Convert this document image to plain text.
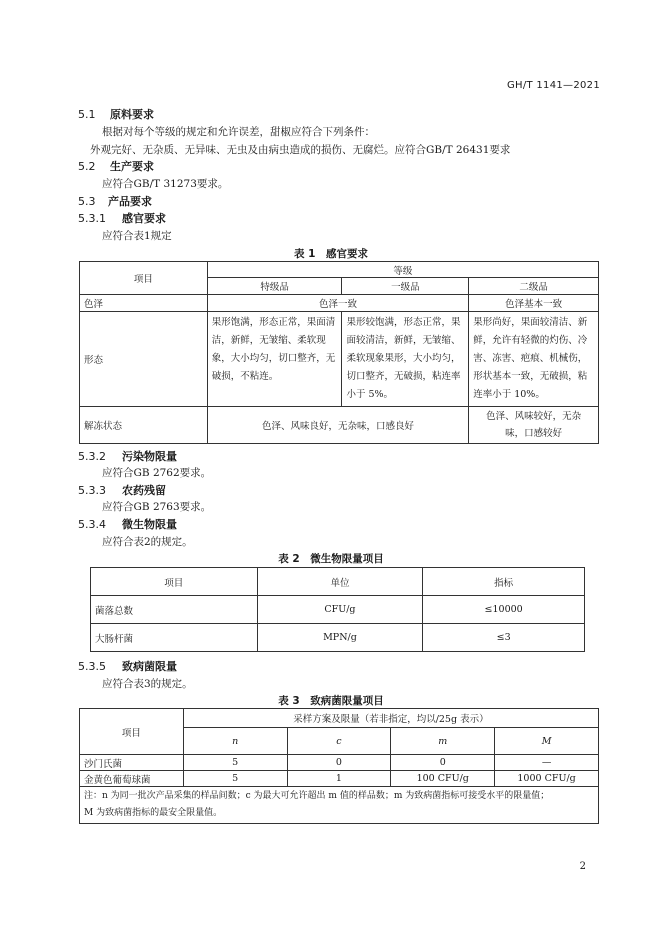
GH/T 1141—2021
5.1 原料要求
根据对每个等级的规定和允许误差，甜椒应符合下列条件：
外观完好、无杂质、无异味、无虫及由病虫造成的损伤、无腐烂。应符合GB/T 26431要求
5.2 生产要求
应符合GB/T 31273要求。
5.3 产品要求
5.3.1 感官要求
应符合表1规定
表 1　感官要求
项目	等级		
	特级品	一级品	二级品
色泽	色泽一致		色泽基本一致
形态	果形饱满，形态正常，果面清洁，新鲜，无皱缩、柔软现象，大小均匀，切口整齐，无破损，不粘连。	果形较饱满，形态正常，果面较清洁，新鲜，无皱缩、柔软现象果形，大小均匀，切口整齐，无破损，粘连率小于 5%。	果形尚好，果面较清洁、新鲜，允许有轻微的灼伤、冷害、冻害、疤痕、机械伤，形状基本一致，无破损，粘连率小于 10%。
解冻状态	色泽、风味良好，无杂味，口感良好		色泽、风味较好，无杂味，口感较好
5.3.2 污染物限量
应符合GB 2762要求。
5.3.3 农药残留
应符合GB 2763要求。
5.3.4 微生物限量
应符合表2的规定。
表 2　微生物限量项目
项目	单位	指标
菌落总数	CFU/g	≤10000
大肠杆菌	MPN/g	≤3
5.3.5 致病菌限量
应符合表3的规定。
表 3　致病菌限量项目
项目	采样方案及限量（若非指定，均以/25g 表示）			
	n	c	m	M
沙门氏菌	5	0	0	—
金黄色葡萄球菌	5	1	100 CFU/g	1000 CFU/g

注：n 为同一批次产品采集的样品间数；c 为最大可允许超出 m 值的样品数；m 为致病菌指标可接受水平的限量值；
M 为致病菌指标的最安全限量值。				
2
